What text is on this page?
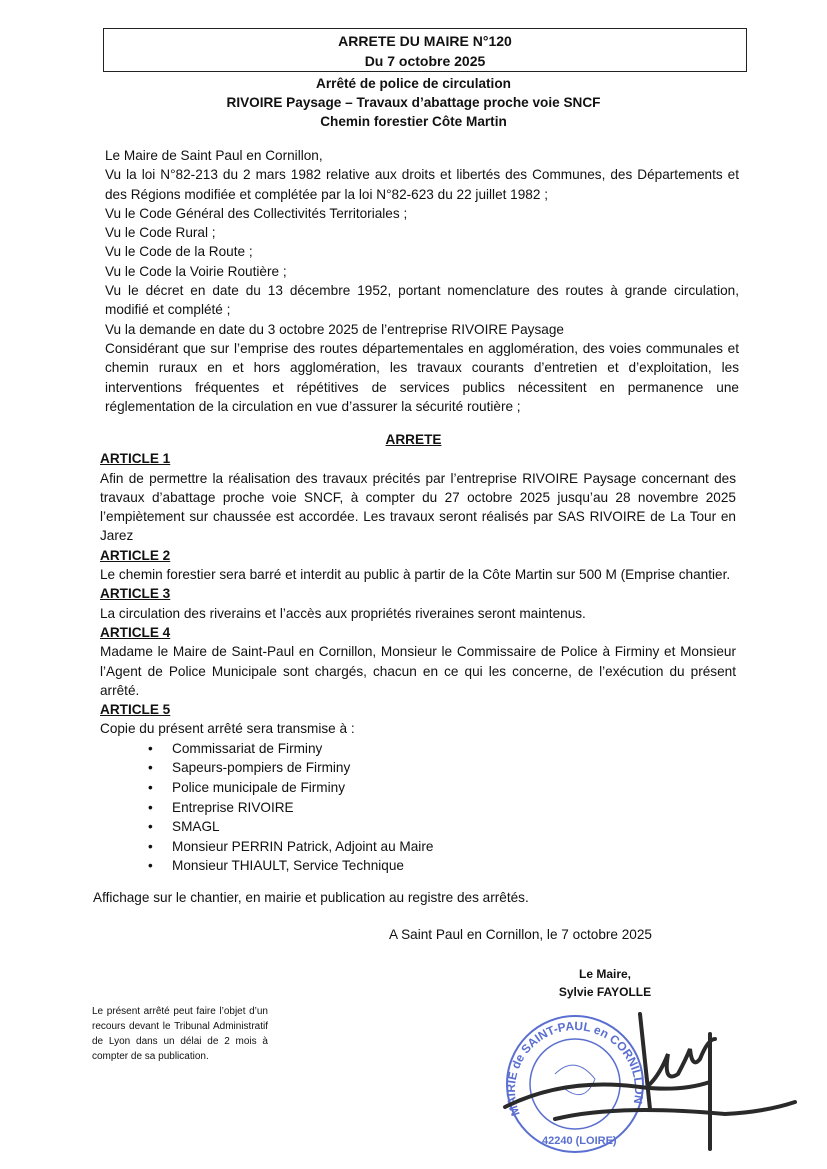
ARRETE DU MAIRE N°120
Du 7 octobre 2025
Arrêté de police de circulation
RIVOIRE Paysage – Travaux d’abattage proche voie SNCF
Chemin forestier Côte Martin

Le Maire de Saint Paul en Cornillon,

Vu la loi N°82-213 du 2 mars 1982 relative aux droits et libertés des Communes, des Départements et des Régions modifiée et complétée par la loi N°82-623 du 22 juillet 1982 ;

Vu le Code Général des Collectivités Territoriales ;

Vu le Code Rural ;

Vu le Code de la Route ;

Vu le Code la Voirie Routière ;

Vu le décret en date du 13 décembre 1952, portant nomenclature des routes à grande circulation, modifié et complété ;

Vu la demande en date du 3 octobre 2025 de l’entreprise RIVOIRE Paysage

Considérant que sur l’emprise des routes départementales en agglomération, des voies communales et chemin ruraux en et hors agglomération, les travaux courants d’entretien et d’exploitation, les interventions fréquentes et répétitives de services publics nécessitent en permanence une réglementation de la circulation en vue d’assurer la sécurité routière ;

ARRETE
ARTICLE 1
Afin de permettre la réalisation des travaux précités par l’entreprise RIVOIRE Paysage concernant des travaux d’abattage proche voie SNCF, à compter du 27 octobre 2025 jusqu’au 28 novembre 2025 l’empiètement sur chaussée est accordée. Les travaux seront réalisés par SAS RIVOIRE de La Tour en Jarez
ARTICLE 2
Le chemin forestier sera barré et interdit au public à partir de la Côte Martin sur 500 M (Emprise chantier.
ARTICLE 3
La circulation des riverains et l’accès aux propriétés riveraines seront maintenus.
ARTICLE 4
Madame le Maire de Saint-Paul en Cornillon, Monsieur le Commissaire de Police à Firminy et Monsieur l’Agent de Police Municipale sont chargés, chacun en ce qui les concerne, de l’exécution du présent arrêté.
ARTICLE 5
Copie du présent arrêté sera transmise à :
• Commissariat de Firminy
• Sapeurs-pompiers de Firminy
• Police municipale de Firminy
• Entreprise RIVOIRE
• SMAGL
• Monsieur PERRIN Patrick, Adjoint au Maire
• Monsieur THIAULT, Service Technique
Affichage sur le chantier, en mairie et publication au registre des arrêtés.
A Saint Paul en Cornillon, le 7 octobre 2025
Le Maire,
Sylvie FAYOLLE
MAIRIE de SAINT-PAUL en CORNILLON
42240 (LOIRE)
Le présent arrêté peut faire l’objet d’un recours devant le Tribunal Administratif de Lyon dans un délai de 2 mois à compter de sa publication.
